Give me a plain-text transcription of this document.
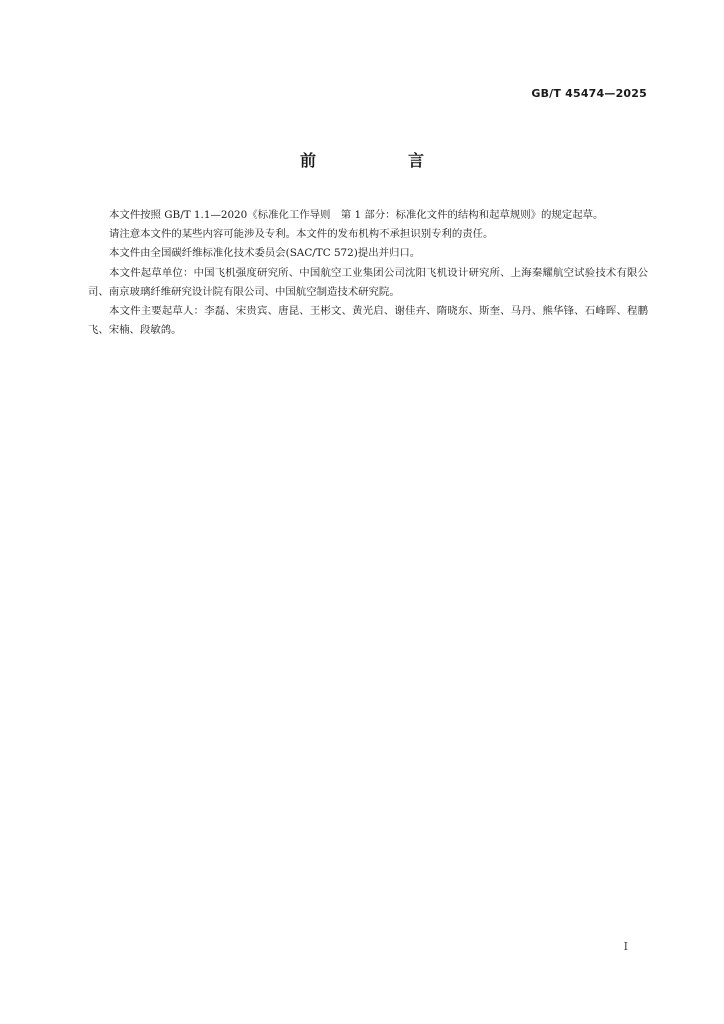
GB/T 45474—2025
前　言

本文件按照 GB/T 1.1—2020《标准化工作导则　第 1 部分：标准化文件的结构和起草规则》的规定起草。

请注意本文件的某些内容可能涉及专利。本文件的发布机构不承担识别专利的责任。

本文件由全国碳纤维标准化技术委员会(SAC/TC 572)提出并归口。

本文件起草单位：中国飞机强度研究所、中国航空工业集团公司沈阳飞机设计研究所、上海秦耀航空试验技术有限公司、南京玻璃纤维研究设计院有限公司、中国航空制造技术研究院。

本文件主要起草人：李磊、宋贵宾、唐昆、王彬文、黄光启、谢佳卉、隋晓东、斯奎、马丹、熊华锋、石峰晖、程鹏飞、宋楠、段敏鸽。

I
